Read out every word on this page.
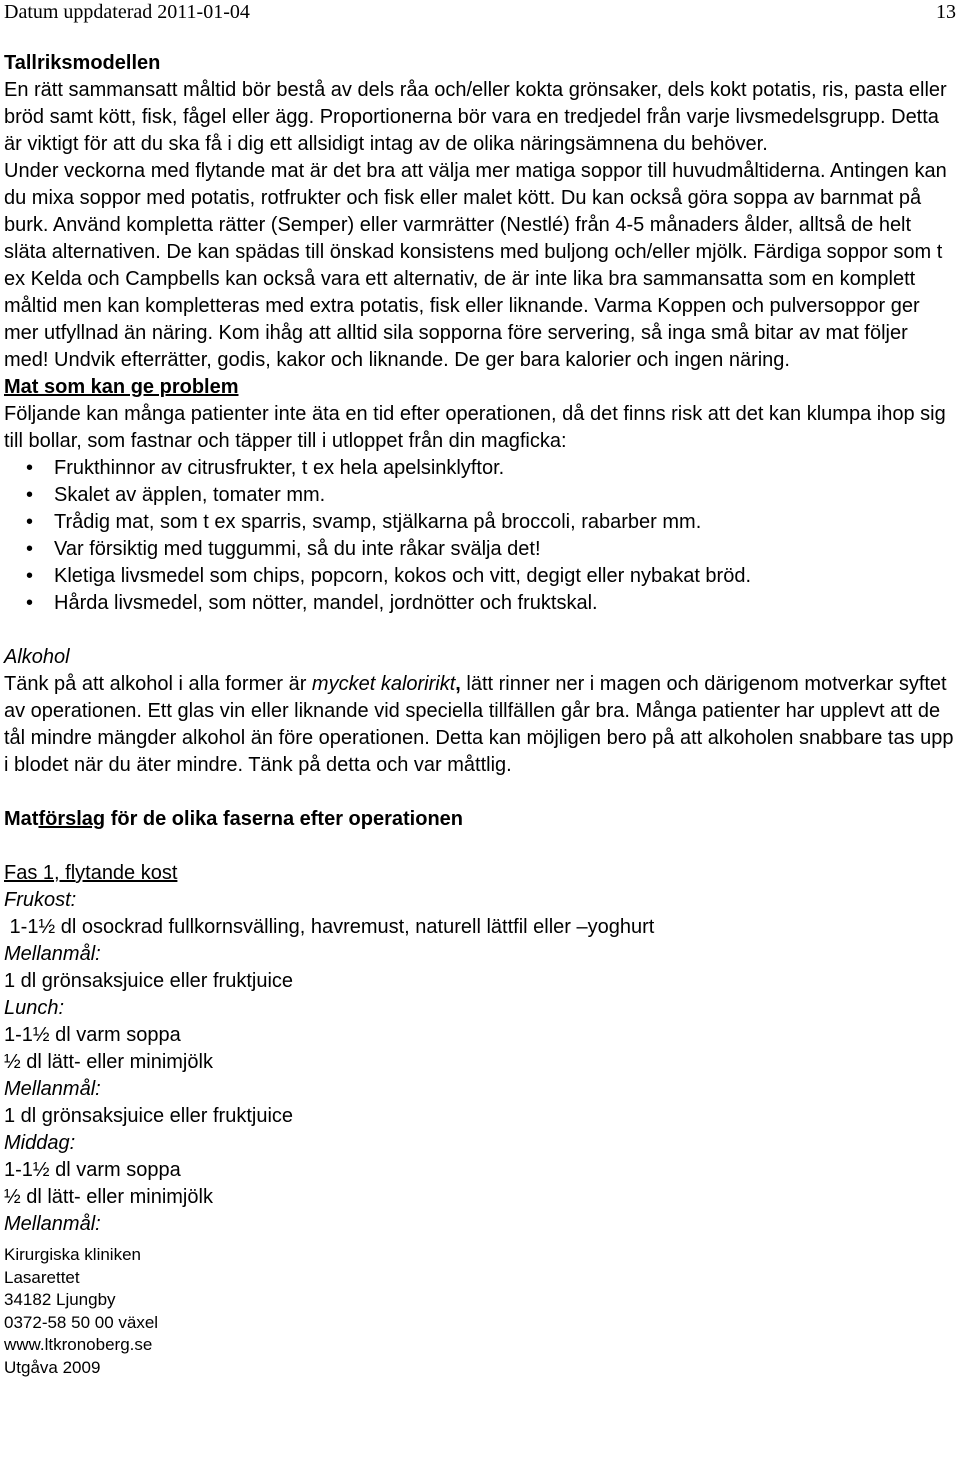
Datum uppdaterad 2011-01-04	13
Tallriksmodellen
En rätt sammansatt måltid bör bestå av dels råa och/eller kokta grönsaker, dels kokt potatis, ris, pasta eller bröd samt kött, fisk, fågel eller ägg. Proportionerna bör vara en tredjedel från varje livsmedelsgrupp. Detta är viktigt för att du ska få i dig ett allsidigt intag av de olika näringsämnena du behöver.
Under veckorna med flytande mat är det bra att välja mer matiga soppor till huvudmåltiderna. Antingen kan du mixa soppor med potatis, rotfrukter och fisk eller malet kött. Du kan också göra soppa av barnmat på burk. Använd kompletta rätter (Semper) eller varmrätter (Nestlé) från 4-5 månaders ålder, alltså de helt släta alternativen. De kan spädas till önskad konsistens med buljong och/eller mjölk. Färdiga soppor som t ex Kelda och Campbells kan också vara ett alternativ, de är inte lika bra sammansatta som en komplett måltid men kan kompletteras med extra potatis, fisk eller liknande. Varma Koppen och pulversoppor ger mer utfyllnad än näring. Kom ihåg att alltid sila sopporna före servering, så inga små bitar av mat följer med! Undvik efterrätter, godis, kakor och liknande. De ger bara kalorier och ingen näring.
Mat som kan ge problem
Följande kan många patienter inte äta en tid efter operationen, då det finns risk att det kan klumpa ihop sig till bollar, som fastnar och täpper till i utloppet från din magficka:
• Frukthinnor av citrusfrukter, t ex hela apelsinklyftor.
• Skalet av äpplen, tomater mm.
• Trådig mat, som t ex sparris, svamp, stjälkarna på broccoli, rabarber mm.
• Var försiktig med tuggummi, så du inte råkar svälja det!
• Kletiga livsmedel som chips, popcorn, kokos och vitt, degigt eller nybakat bröd.
• Hårda livsmedel, som nötter, mandel, jordnötter och fruktskal.
Alkohol
Tänk på att alkohol i alla former är mycket kaloririkt, lätt rinner ner i magen och därigenom motverkar syftet av operationen. Ett glas vin eller liknande vid speciella tillfällen går bra. Många patienter har upplevt att de tål mindre mängder alkohol än före operationen. Detta kan möjligen bero på att alkoholen snabbare tas upp i blodet när du äter mindre. Tänk på detta och var måttlig.
Matförslag för de olika faserna efter operationen
Fas 1, flytande kost
Frukost:
1-1½ dl osockrad fullkornsvälling, havremust, naturell lättfil eller –yoghurt
Mellanmål:
1 dl grönsaksjuice eller fruktjuice
Lunch:
1-1½ dl varm soppa
½ dl lätt- eller minimjölk
Mellanmål:
1 dl grönsaksjuice eller fruktjuice
Middag:
1-1½ dl varm soppa
½ dl lätt- eller minimjölk
Mellanmål:
Kirurgiska kliniken
Lasarettet
34182 Ljungby
0372-58 50 00 växel
www.ltkronoberg.se
Utgåva 2009
